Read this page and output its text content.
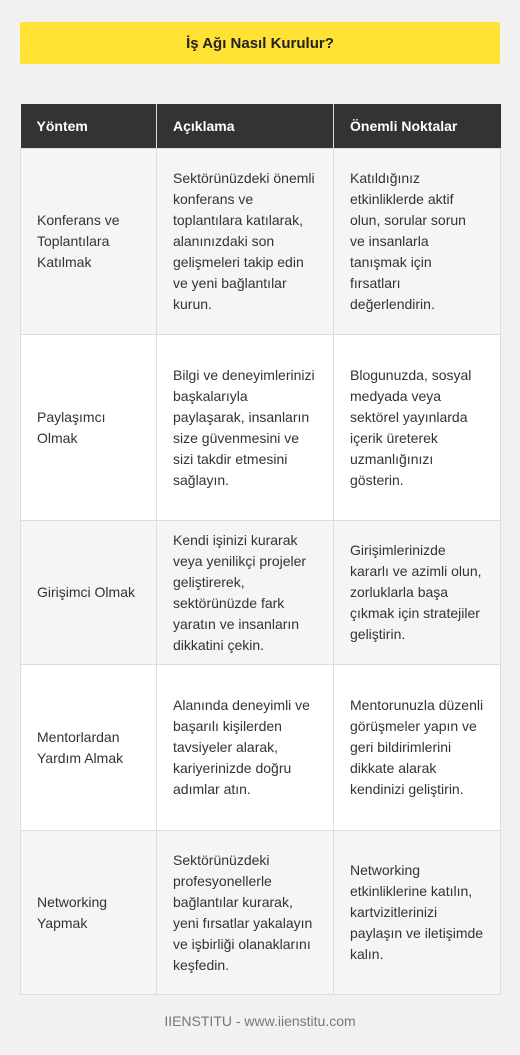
İş Ağı Nasıl Kurulur?
Yöntem	Açıklama	Önemli Noktalar
Konferans ve Toplantılara Katılmak	Sektörünüzdeki önemli konferans ve toplantılara katılarak, alanınızdaki son gelişmeleri takip edin ve yeni bağlantılar kurun.	Katıldığınız etkinliklerde aktif olun, sorular sorun ve insanlarla tanışmak için fırsatları değerlendirin.
Paylaşımcı Olmak	Bilgi ve deneyimlerinizi başkalarıyla paylaşarak, insanların size güvenmesini ve sizi takdir etmesini sağlayın.	Blogunuzda, sosyal medyada veya sektörel yayınlarda içerik üreterek uzmanlığınızı gösterin.
Girişimci Olmak	Kendi işinizi kurarak veya yenilikçi projeler geliştirerek, sektörünüzde fark yaratın ve insanların dikkatini çekin.	Girişimlerinizde kararlı ve azimli olun, zorluklarla başa çıkmak için stratejiler geliştirin.
Mentorlardan Yardım Almak	Alanında deneyimli ve başarılı kişilerden tavsiyeler alarak, kariyerinizde doğru adımlar atın.	Mentorunuzla düzenli görüşmeler yapın ve geri bildirimlerini dikkate alarak kendinizi geliştirin.
Networking Yapmak	Sektörünüzdeki profesyonellerle bağlantılar kurarak, yeni fırsatlar yakalayın ve işbirliği olanaklarını keşfedin.	Networking etkinliklerine katılın, kartvizitlerinizi paylaşın ve iletişimde kalın.
IIENSTITU - www.iienstitu.com
